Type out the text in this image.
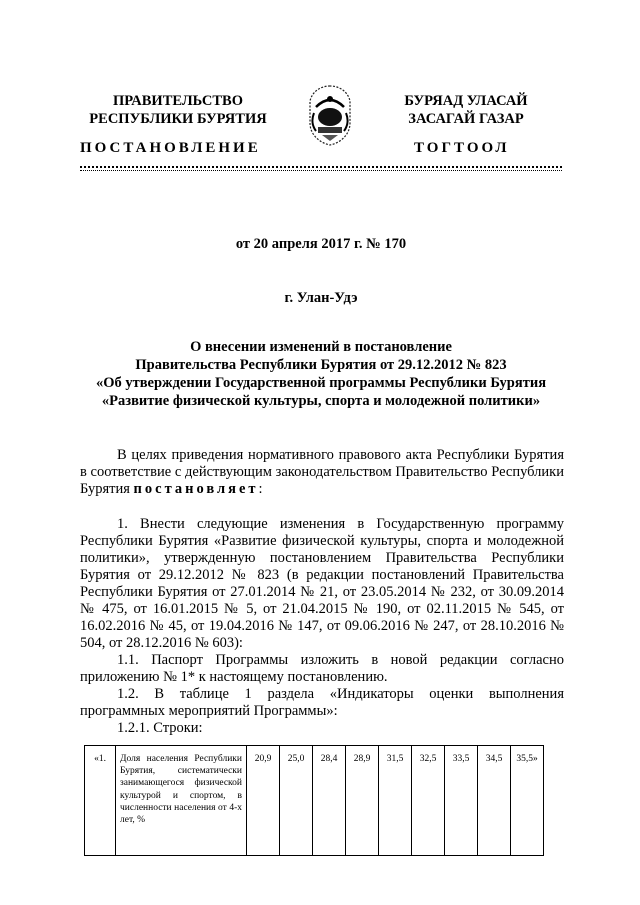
ПРАВИТЕЛЬСТВО
РЕСПУБЛИКИ БУРЯТИЯ
БУРЯАД УЛАСАЙ
ЗАСАГАЙ ГАЗАР
ПОСТАНОВЛЕНИЕ	ТОГТООЛ
от 20 апреля 2017 г. № 170
г. Улан-Удэ
О внесении изменений в постановление
Правительства Республики Бурятия от 29.12.2012 № 823
«Об утверждении Государственной программы Республики Бурятия
«Развитие физической культуры, спорта и молодежной политики»

В целях приведения нормативного правового акта Республики Бурятия в соответствие с действующим законодательством Правительство Республики Бурятия постановляет:

1. Внести следующие изменения в Государственную программу Республики Бурятия «Развитие физической культуры, спорта и молодежной политики», утвержденную постановлением Правительства Республики Бурятия от 29.12.2012 № 823 (в редакции постановлений Правительства Республики Бурятия от 27.01.2014 № 21, от 23.05.2014 № 232, от 30.09.2014 № 475, от 16.01.2015 № 5, от 21.04.2015 № 190, от 02.11.2015 № 545, от 16.02.2016 № 45, от 19.04.2016 № 147, от 09.06.2016 № 247, от 28.10.2016 № 504, от 28.12.2016 № 603):

1.1. Паспорт Программы изложить в новой редакции согласно приложению № 1* к настоящему постановлению.

1.2. В таблице 1 раздела «Индикаторы оценки выполнения программных мероприятий Программы»:

1.2.1. Строки:

«1.	Доля населения Республики Бурятия, систематически занимающегося физической культурой и спортом, в численности населения от 4-х лет, %	20,9	25,0	28,4	28,9	31,5	32,5	33,5	34,5	35,5»
